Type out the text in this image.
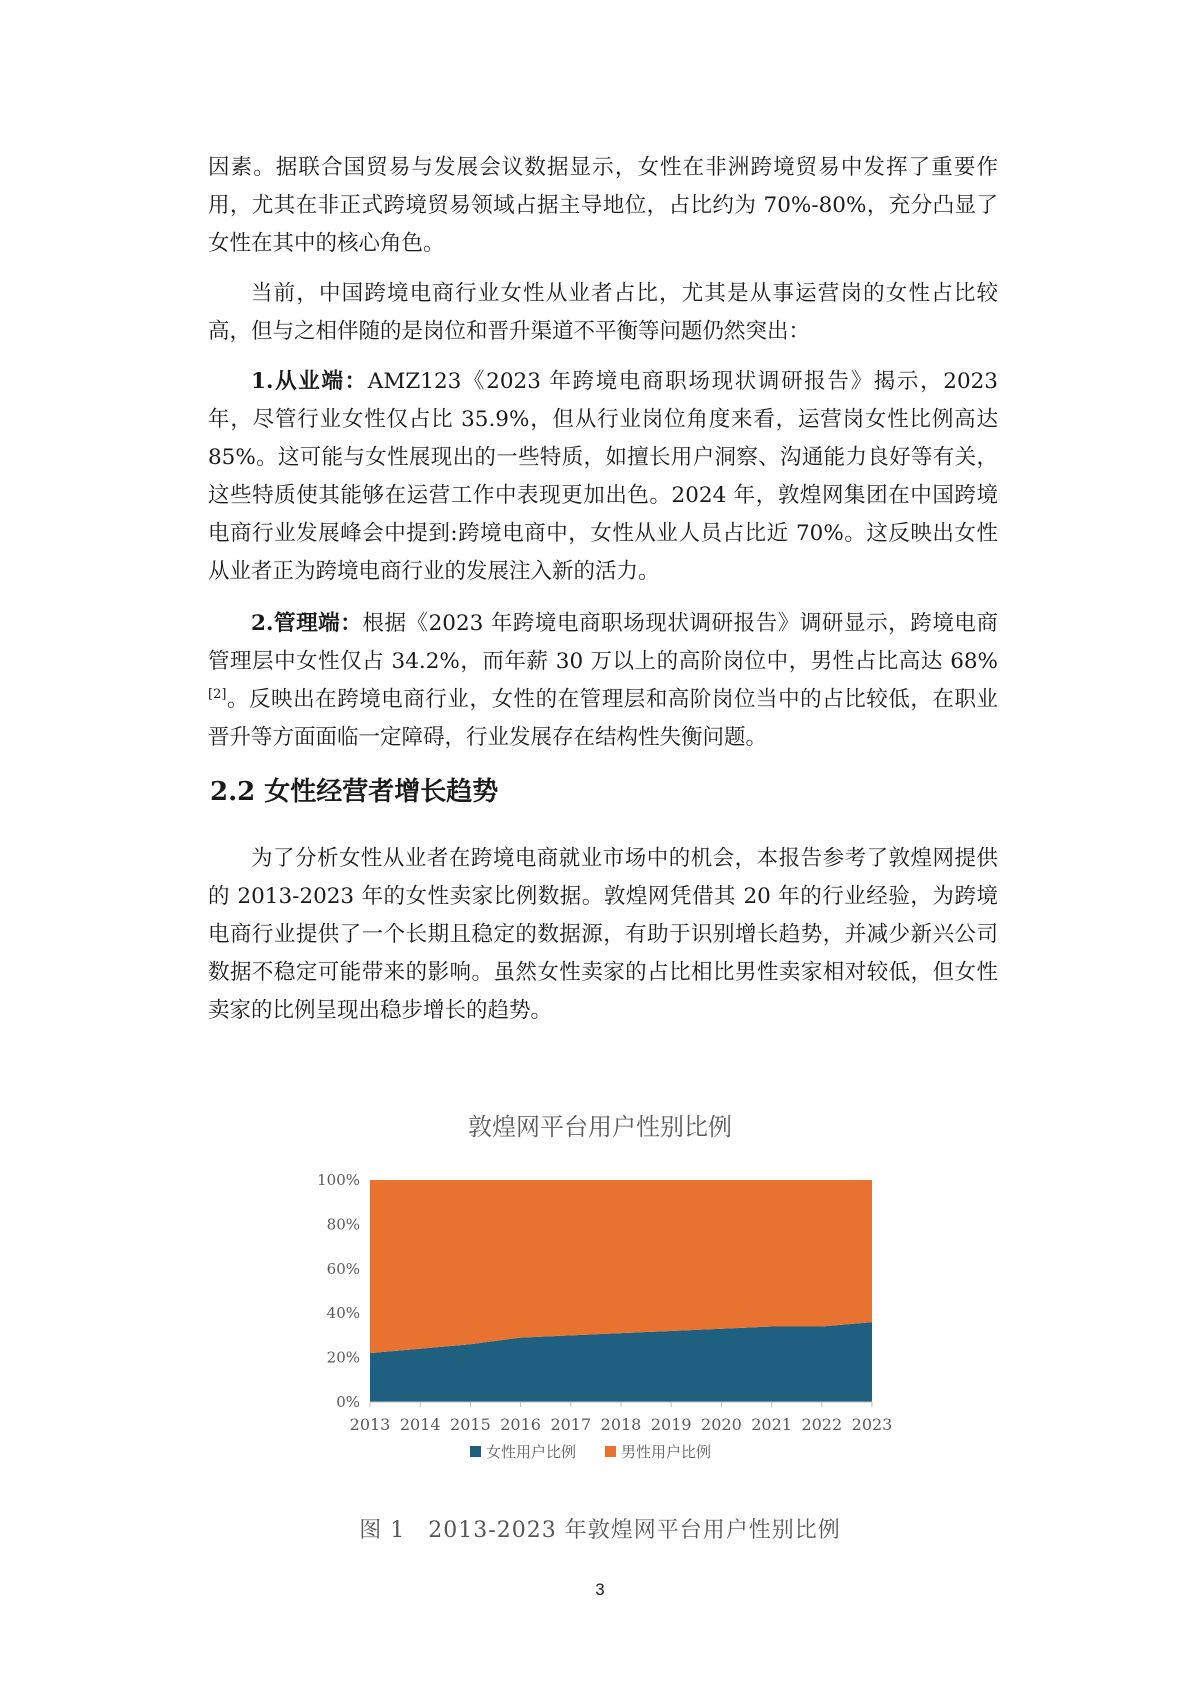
因素。据联合国贸易与发展会议数据显示，女性在非洲跨境贸易中发挥了重要作用，尤其在非正式跨境贸易领域占据主导地位，占比约为 70%-80%，充分凸显了女性在其中的核心角色。

当前，中国跨境电商行业女性从业者占比，尤其是从事运营岗的女性占比较高，但与之相伴随的是岗位和晋升渠道不平衡等问题仍然突出：

1.从业端：AMZ123《2023 年跨境电商职场现状调研报告》揭示，2023 年，尽管行业女性仅占比 35.9%，但从行业岗位角度来看，运营岗女性比例高达 85%。这可能与女性展现出的一些特质，如擅长用户洞察、沟通能力良好等有关，这些特质使其能够在运营工作中表现更加出色。2024 年，敦煌网集团在中国跨境电商行业发展峰会中提到:跨境电商中，女性从业人员占比近 70%。这反映出女性从业者正为跨境电商行业的发展注入新的活力。

2.管理端：根据《2023 年跨境电商职场现状调研报告》调研显示，跨境电商管理层中女性仅占 34.2%，而年薪 30 万以上的高阶岗位中，男性占比高达 68%[2]。反映出在跨境电商行业，女性的在管理层和高阶岗位当中的占比较低，在职业晋升等方面面临一定障碍，行业发展存在结构性失衡问题。

2.2 女性经营者增长趋势

为了分析女性从业者在跨境电商就业市场中的机会，本报告参考了敦煌网提供的 2013-2023 年的女性卖家比例数据。敦煌网凭借其 20 年的行业经验，为跨境电商行业提供了一个长期且稳定的数据源，有助于识别增长趋势，并减少新兴公司数据不稳定可能带来的影响。虽然女性卖家的占比相比男性卖家相对较低，但女性卖家的比例呈现出稳步增长的趋势。

敦煌网平台用户性别比例
0%
20%
40%
60%
80%
100%
2013 2014 2015 2016 2017 2018 2019 2020 2021 2022 2023
女性用户比例	男性用户比例

图 1　2013-2023 年敦煌网平台用户性别比例

3
